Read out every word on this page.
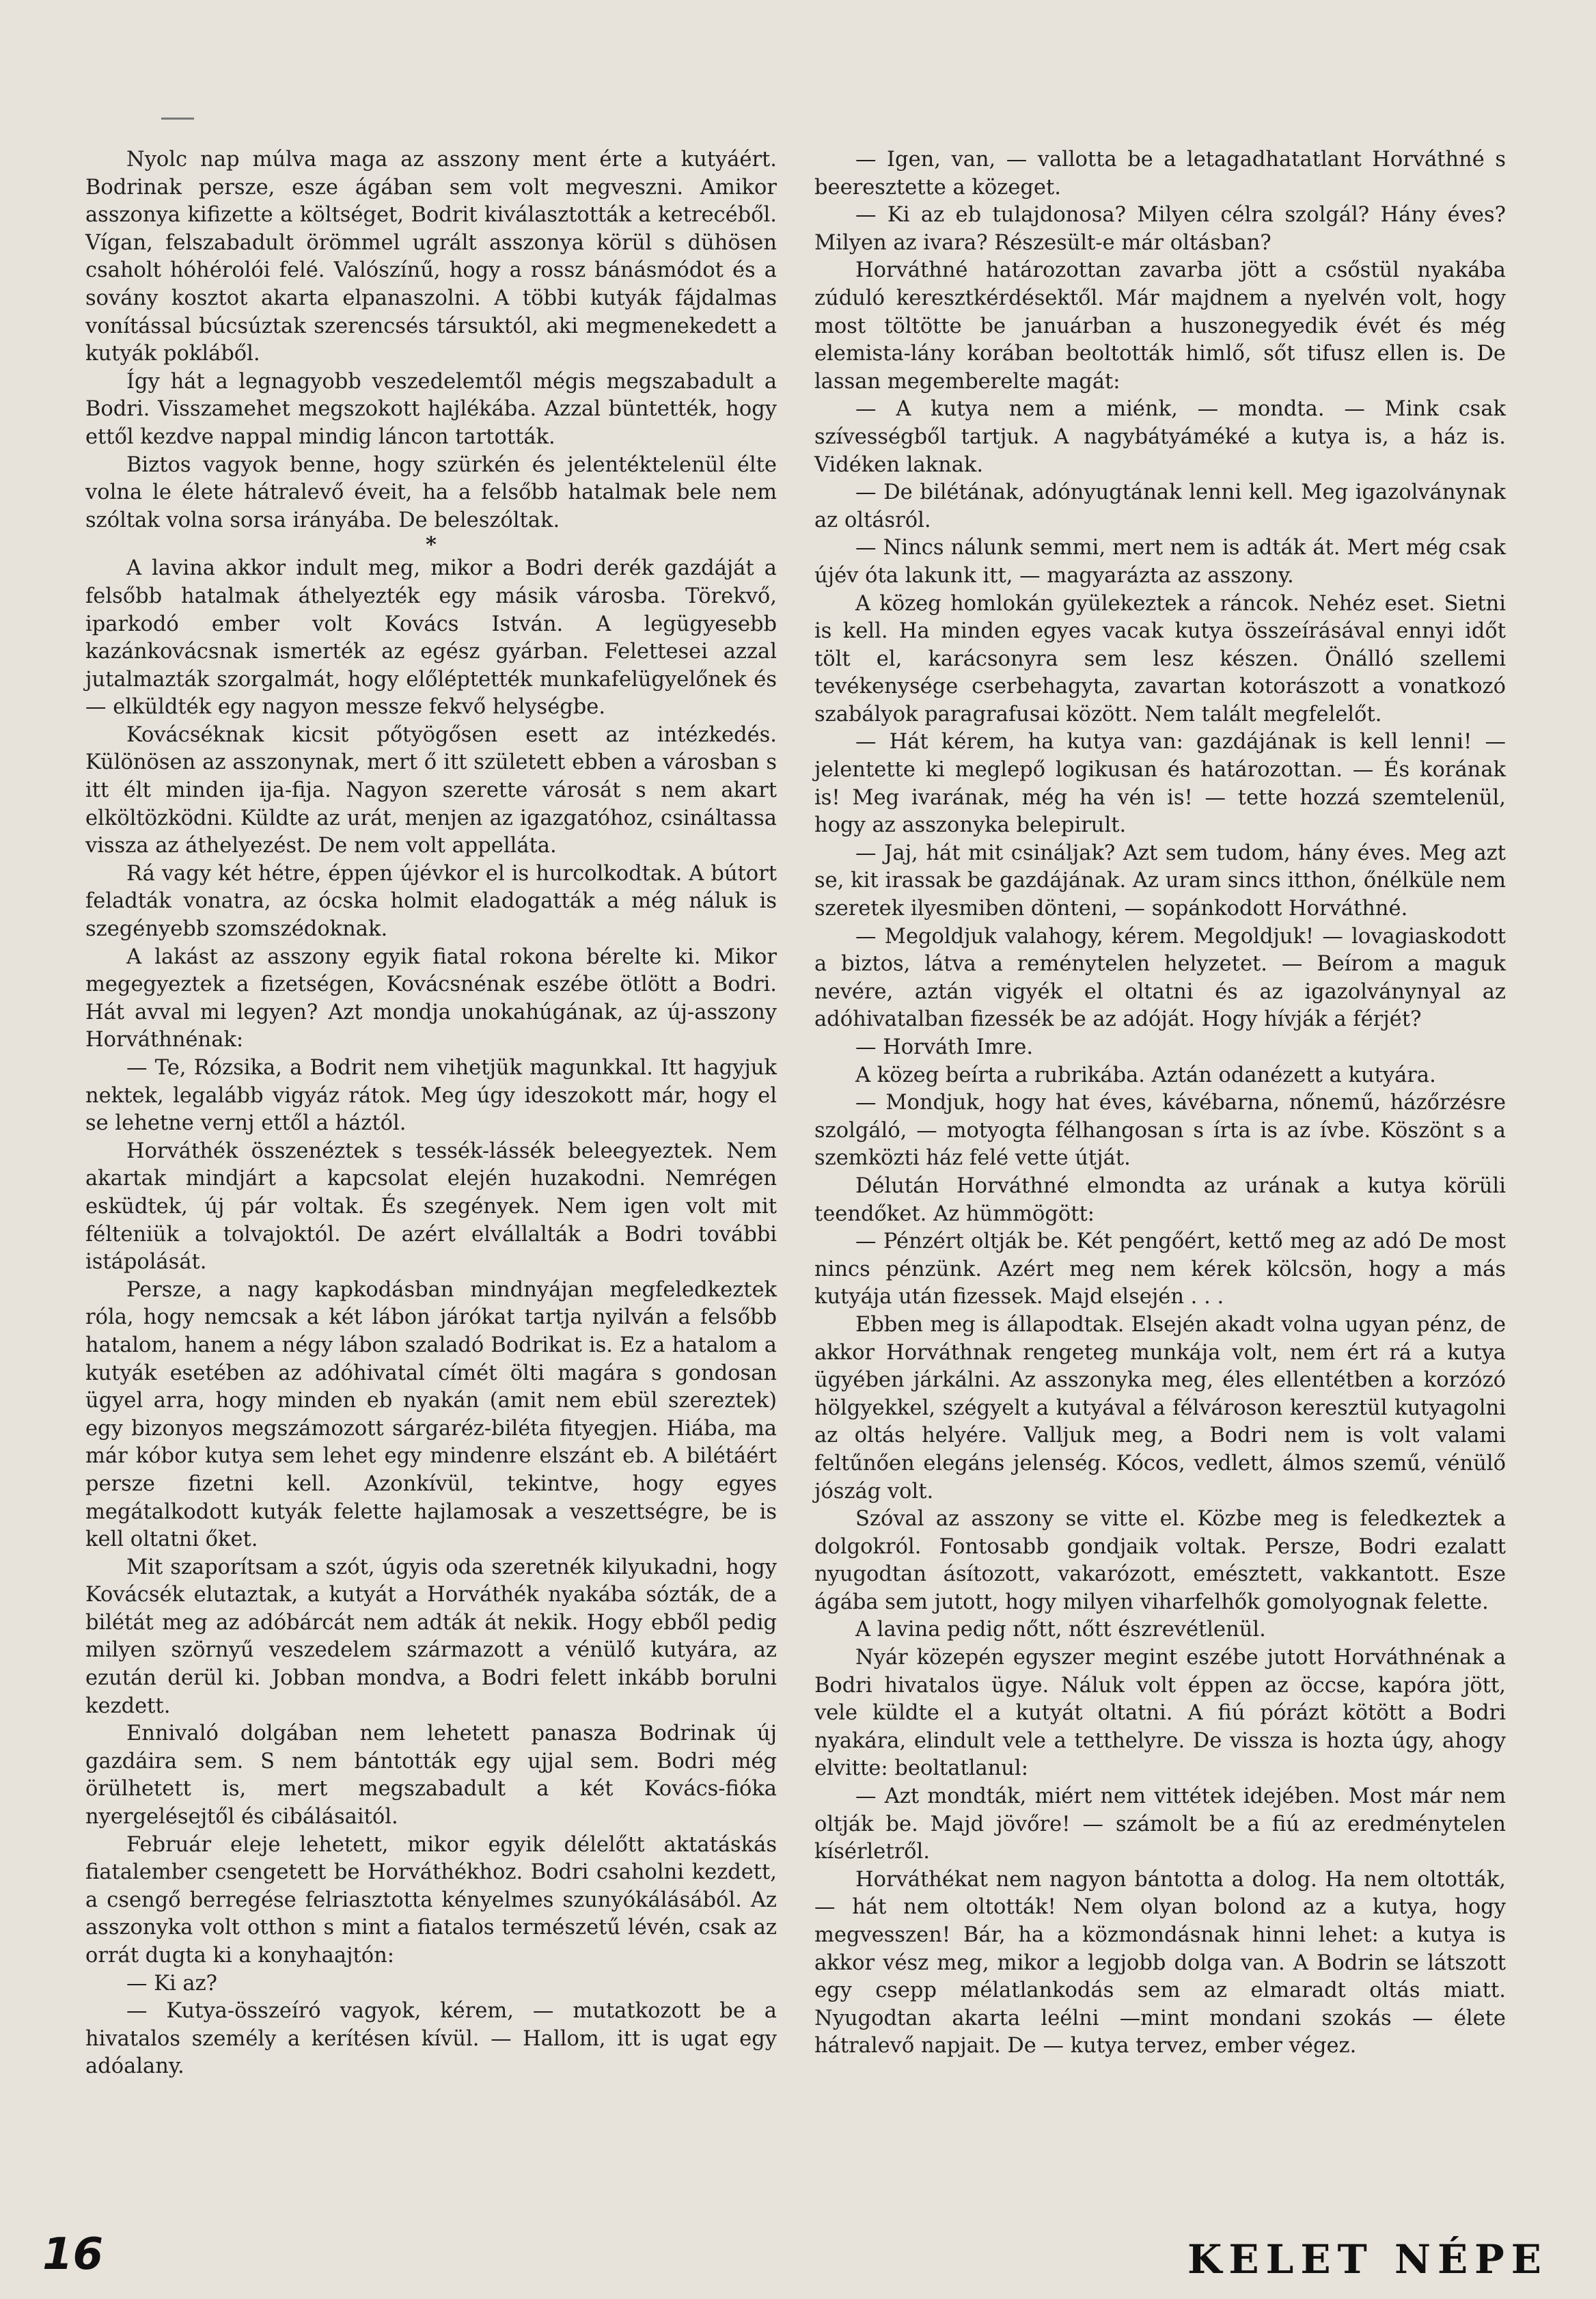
Nyolc nap múlva maga az asszony ment érte a kutyáért. Bodrinak persze, esze ágában sem volt megveszni. Amikor asszonya kifizette a költséget, Bodrit kiválasztották a ketrecéből. Vígan, felszabadult örömmel ugrált asszonya körül s dühösen csaholt hóhérolói felé. Valószínű, hogy a rossz bánásmódot és a sovány kosztot akarta elpanaszolni. A többi kutyák fájdalmas vonítással búcsúztak szerencsés társuktól, aki megmenekedett a kutyák pokláből.

Így hát a legnagyobb veszedelemtől mégis megszabadult a Bodri. Visszamehet megszokott hajlékába. Azzal büntették, hogy ettől kezdve nappal mindig láncon tartották.

Biztos vagyok benne, hogy szürkén és jelentéktelenül élte volna le élete hátralevő éveit, ha a felsőbb hatalmak bele nem szóltak volna sorsa irányába. De beleszóltak.

*

A lavina akkor indult meg, mikor a Bodri derék gazdáját a felsőbb hatalmak áthelyezték egy másik városba. Törekvő, iparkodó ember volt Kovács István. A legügyesebb kazánkovácsnak ismerték az egész gyárban. Felettesei azzal jutalmazták szorgalmát, hogy előléptették munkafelügyelőnek és — elküldték egy nagyon messze fekvő helységbe.

Kovácséknak kicsit pőtyögősen esett az intézkedés. Különösen az asszonynak, mert ő itt született ebben a városban s itt élt minden ija-fija. Nagyon szerette városát s nem akart elköltözködni. Küldte az urát, menjen az igazgatóhoz, csináltassa vissza az áthelyezést. De nem volt appelláta.

Rá vagy két hétre, éppen újévkor el is hurcolkodtak. A bútort feladták vonatra, az ócska holmit eladogatták a még náluk is szegényebb szomszédoknak.

A lakást az asszony egyik fiatal rokona bérelte ki. Mikor megegyeztek a fizetségen, Kovácsnénak eszébe ötlött a Bodri. Hát avval mi legyen? Azt mondja unokahúgának, az új-asszony Horváthnénak:

— Te, Rózsika, a Bodrit nem vihetjük magunkkal. Itt hagyjuk nektek, legalább vigyáz rátok. Meg úgy ideszokott már, hogy el se lehetne vernj ettől a háztól.

Horváthék összenéztek s tessék-lássék beleegyeztek. Nem akartak mindjárt a kapcsolat elején huzakodni. Nemrégen esküdtek, új pár voltak. És szegények. Nem igen volt mit félteniük a tolvajoktól. De azért elvállalták a Bodri további istápolását.

Persze, a nagy kapkodásban mindnyájan megfeledkeztek róla, hogy nemcsak a két lábon járókat tartja nyilván a felsőbb hatalom, hanem a négy lábon szaladó Bodrikat is. Ez a hatalom a kutyák esetében az adóhivatal címét ölti magára s gondosan ügyel arra, hogy minden eb nyakán (amit nem ebül szereztek) egy bizonyos megszámozott sárgaréz-biléta fityegjen. Hiába, ma már kóbor kutya sem lehet egy mindenre elszánt eb. A bilétáért persze fizetni kell. Azonkívül, tekintve, hogy egyes megátalkodott kutyák felette hajlamosak a veszettségre, be is kell oltatni őket.

Mit szaporítsam a szót, úgyis oda szeretnék kilyukadni, hogy Kovácsék elutaztak, a kutyát a Horváthék nyakába sózták, de a bilétát meg az adóbárcát nem adták át nekik. Hogy ebből pedig milyen szörnyű veszedelem származott a vénülő kutyára, az ezután derül ki. Jobban mondva, a Bodri felett inkább borulni kezdett.

Ennivaló dolgában nem lehetett panasza Bodrinak új gazdáira sem. S nem bántották egy ujjal sem. Bodri még örülhetett is, mert megszabadult a két Kovács-fióka nyergelésejtől és cibálásaitól.

Február eleje lehetett, mikor egyik délelőtt aktatáskás fiatalember csengetett be Horváthékhoz. Bodri csaholni kezdett, a csengő berregése felriasztotta kényelmes szunyókálásából. Az asszonyka volt otthon s mint a fiatalos természetű lévén, csak az orrát dugta ki a konyhaajtón:

— Ki az?

— Kutya-összeíró vagyok, kérem, — mutatkozott be a hivatalos személy a kerítésen kívül. — Hallom, itt is ugat egy adóalany.

— Igen, van, — vallotta be a letagadhatatlant Horváthné s beeresztette a közeget.

— Ki az eb tulajdonosa? Milyen célra szolgál? Hány éves? Milyen az ivara? Részesült-e már oltásban?

Horváthné határozottan zavarba jött a csőstül nyakába zúduló keresztkérdésektől. Már majdnem a nyelvén volt, hogy most töltötte be januárban a huszonegyedik évét és még elemista-lány korában beoltották himlő, sőt tifusz ellen is. De lassan megemberelte magát:

— A kutya nem a miénk, — mondta. — Mink csak szívességből tartjuk. A nagybátyáméké a kutya is, a ház is. Vidéken laknak.

— De bilétának, adónyugtának lenni kell. Meg igazolványnak az oltásról.

— Nincs nálunk semmi, mert nem is adták át. Mert még csak újév óta lakunk itt, — magyarázta az asszony.

A közeg homlokán gyülekeztek a ráncok. Nehéz eset. Sietni is kell. Ha minden egyes vacak kutya összeírásával ennyi időt tölt el, karácsonyra sem lesz készen. Önálló szellemi tevékenysége cserbehagyta, zavartan kotorászott a vonatkozó szabályok paragrafusai között. Nem talált megfelelőt.

— Hát kérem, ha kutya van: gazdájának is kell lenni! — jelentette ki meglepő logikusan és határozottan. — És korának is! Meg ivarának, még ha vén is! — tette hozzá szemtelenül, hogy az asszonyka belepirult.

— Jaj, hát mit csináljak? Azt sem tudom, hány éves. Meg azt se, kit irassak be gazdájának. Az uram sincs itthon, őnélküle nem szeretek ilyesmiben dönteni, — sopánkodott Horváthné.

— Megoldjuk valahogy, kérem. Megoldjuk! — lovagiaskodott a biztos, látva a reménytelen helyzetet. — Beírom a maguk nevére, aztán vigyék el oltatni és az igazolványnyal az adóhivatalban fizessék be az adóját. Hogy hívják a férjét?

— Horváth Imre.

A közeg beírta a rubrikába. Aztán odanézett a kutyára.

— Mondjuk, hogy hat éves, kávébarna, nőnemű, házőrzésre szolgáló, — motyogta félhangosan s írta is az ívbe. Köszönt s a szemközti ház felé vette útját.

Délután Horváthné elmondta az urának a kutya körüli teendőket. Az hümmögött:

— Pénzért oltják be. Két pengőért, kettő meg az adó De most nincs pénzünk. Azért meg nem kérek kölcsön, hogy a más kutyája után fizessek. Majd elsején . . .

Ebben meg is állapodtak. Elsején akadt volna ugyan pénz, de akkor Horváthnak rengeteg munkája volt, nem ért rá a kutya ügyében járkálni. Az asszonyka meg, éles ellentétben a korzózó hölgyekkel, szégyelt a kutyával a félvároson keresztül kutyagolni az oltás helyére. Valljuk meg, a Bodri nem is volt valami feltűnően elegáns jelenség. Kócos, vedlett, álmos szemű, vénülő jószág volt.

Szóval az asszony se vitte el. Közbe meg is feledkeztek a dolgokról. Fontosabb gondjaik voltak. Persze, Bodri ezalatt nyugodtan ásítozott, vakarózott, emésztett, vakkantott. Esze ágába sem jutott, hogy milyen viharfelhők gomolyognak felette.

A lavina pedig nőtt, nőtt észrevétlenül.

Nyár közepén egyszer megint eszébe jutott Horváthnénak a Bodri hivatalos ügye. Náluk volt éppen az öccse, kapóra jött, vele küldte el a kutyát oltatni. A fiú pórázt kötött a Bodri nyakára, elindult vele a tetthelyre. De vissza is hozta úgy, ahogy elvitte: beoltatlanul:

— Azt mondták, miért nem vittétek idejében. Most már nem oltják be. Majd jövőre! — számolt be a fiú az eredménytelen kísérletről.

Horváthékat nem nagyon bántotta a dolog. Ha nem oltották, — hát nem oltották! Nem olyan bolond az a kutya, hogy megvesszen! Bár, ha a közmondásnak hinni lehet: a kutya is akkor vész meg, mikor a legjobb dolga van. A Bodrin se látszott egy csepp mélatlankodás sem az elmaradt oltás miatt. Nyugodtan akarta leélni —mint mondani szokás — élete hátralevő napjait. De — kutya tervez, ember végez.

16	KELET NÉPE
